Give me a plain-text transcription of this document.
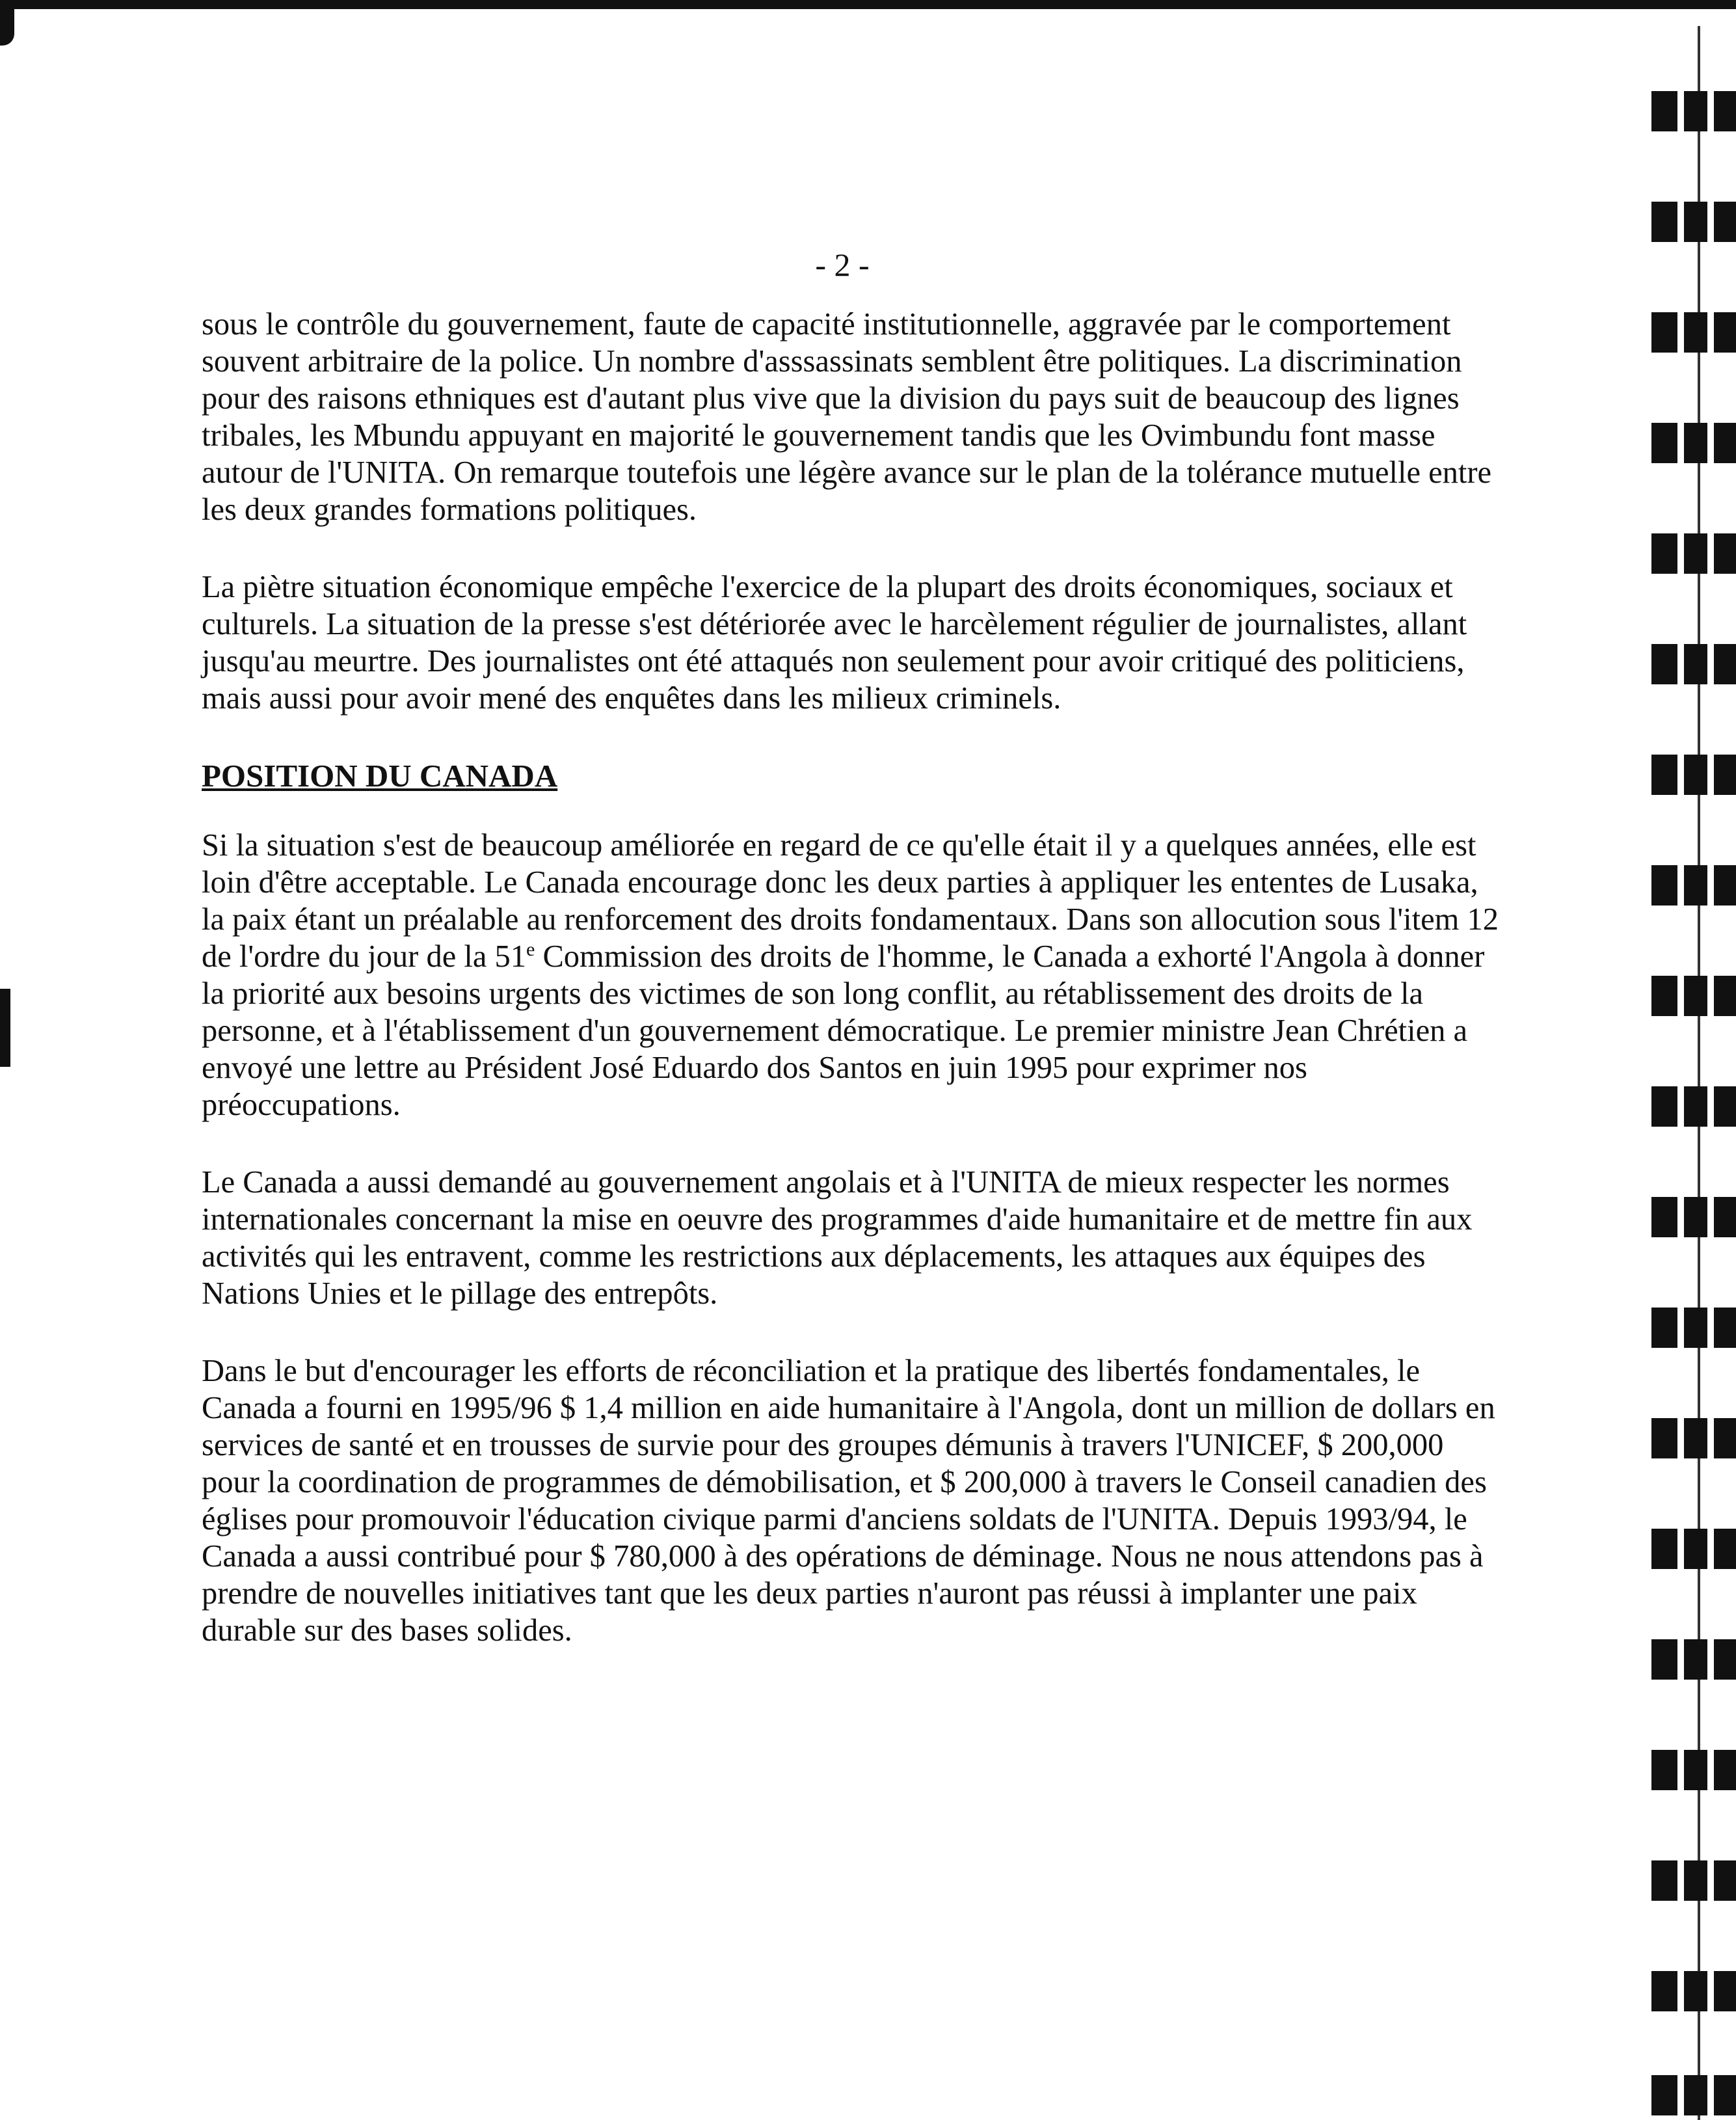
- 2 -

sous le contrôle du gouvernement, faute de capacité institutionnelle, aggravée par le comportement souvent arbitraire de la police. Un nombre d'asssassinats semblent être politiques. La discrimination pour des raisons ethniques est d'autant plus vive que la division du pays suit de beaucoup des lignes tribales, les Mbundu appuyant en majorité le gouvernement tandis que les Ovimbundu font masse autour de l'UNITA. On remarque toutefois une légère avance sur le plan de la tolérance mutuelle entre les deux grandes formations politiques.

La piètre situation économique empêche l'exercice de la plupart des droits économiques, sociaux et culturels. La situation de la presse s'est détériorée avec le harcèlement régulier de journalistes, allant jusqu'au meurtre. Des journalistes ont été attaqués non seulement pour avoir critiqué des politiciens, mais aussi pour avoir mené des enquêtes dans les milieux criminels.

POSITION DU CANADA

Si la situation s'est de beaucoup améliorée en regard de ce qu'elle était il y a quelques années, elle est loin d'être acceptable. Le Canada encourage donc les deux parties à appliquer les ententes de Lusaka, la paix étant un préalable au renforcement des droits fondamentaux. Dans son allocution sous l'item 12 de l'ordre du jour de la 51e Commission des droits de l'homme, le Canada a exhorté l'Angola à donner la priorité aux besoins urgents des victimes de son long conflit, au rétablissement des droits de la personne, et à l'établissement d'un gouvernement démocratique. Le premier ministre Jean Chrétien a envoyé une lettre au Président José Eduardo dos Santos en juin 1995 pour exprimer nos préoccupations.

Le Canada a aussi demandé au gouvernement angolais et à l'UNITA de mieux respecter les normes internationales concernant la mise en oeuvre des programmes d'aide humanitaire et de mettre fin aux activités qui les entravent, comme les restrictions aux déplacements, les attaques aux équipes des Nations Unies et le pillage des entrepôts.

Dans le but d'encourager les efforts de réconciliation et la pratique des libertés fondamentales, le Canada a fourni en 1995/96 $ 1,4 million en aide humanitaire à l'Angola, dont un million de dollars en services de santé et en trousses de survie pour des groupes démunis à travers l'UNICEF, $ 200,000 pour la coordination de programmes de démobilisation, et $ 200,000 à travers le Conseil canadien des églises pour promouvoir l'éducation civique parmi d'anciens soldats de l'UNITA. Depuis 1993/94, le Canada a aussi contribué pour $ 780,000 à des opérations de déminage. Nous ne nous attendons pas à prendre de nouvelles initiatives tant que les deux parties n'auront pas réussi à implanter une paix durable sur des bases solides.
